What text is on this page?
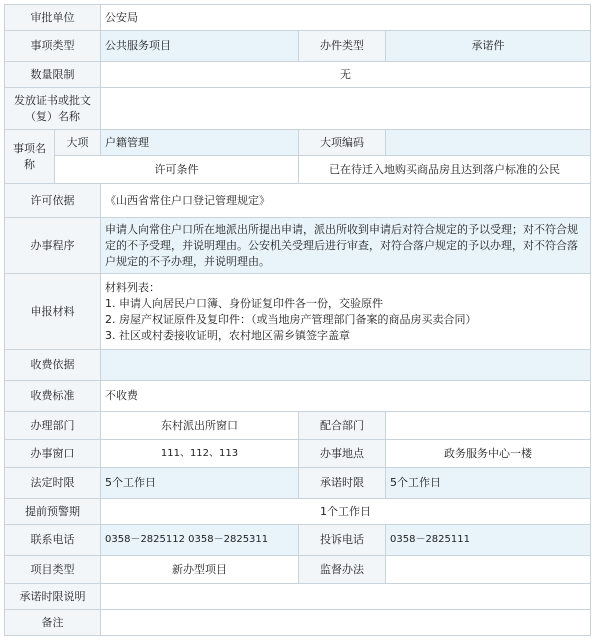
审批单位		公安局		
事项类型		公共服务项目	办件类型	承诺件
数量限制		无		
发放证书或批文（复）名称				
事项名称	大项	户籍管理	大项编码	
	许可条件		已在待迁入地购买商品房且达到落户标准的公民	
许可依据		《山西省常住户口登记管理规定》		
办事程序		申请人向常住户口所在地派出所提出申请，派出所收到申请后对符合规定的予以受理；对不符合规定的不予受理，并说明理由。公安机关受理后进行审查，对符合落户规定的予以办理，对不符合落户规定的不予办理，并说明理由。		
申报材料		材料列表：
1. 申请人向居民户口簿、身份证复印件各一份，交验原件
2. 房屋产权证原件及复印件：（或当地房产管理部门备案的商品房买卖合同）
3. 社区或村委接收证明，农村地区需乡镇签字盖章		

收费依据				
收费标准		不收费		
办理部门		东村派出所窗口	配合部门	
办事窗口		111、112、113	办事地点	政务服务中心一楼
法定时限		5个工作日	承诺时限	5个工作日
提前预警期		1个工作日		
联系电话		0358－2825112 0358－2825311	投诉电话	0358－2825111
项目类型		新办型项目	监督办法	
承诺时限说明				
备注				
